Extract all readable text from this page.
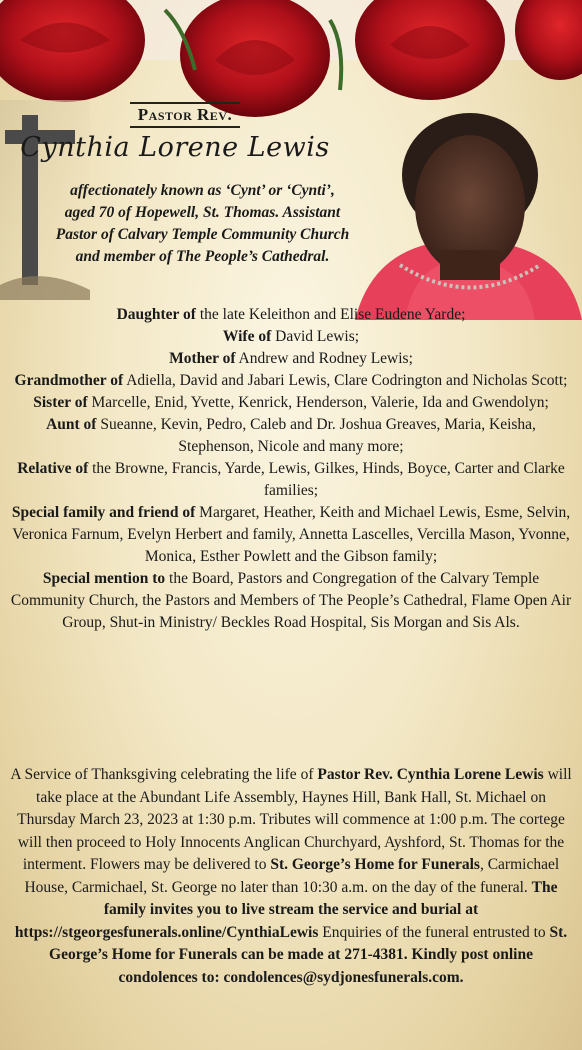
Pastor Rev.
Cynthia Lorene Lewis
affectionately known as ‘Cynt’ or ‘Cynti’, aged 70 of Hopewell, St. Thomas. Assistant Pastor of Calvary Temple Community Church and member of The People’s Cathedral.

Daughter of the late Keleithon and Elise Eudene Yarde;

Wife of David Lewis;

Mother of Andrew and Rodney Lewis;

Grandmother of Adiella, David and Jabari Lewis, Clare Codrington and Nicholas Scott;

Sister of Marcelle, Enid, Yvette, Kenrick, Henderson, Valerie, Ida and Gwendolyn;

Aunt of Sueanne, Kevin, Pedro, Caleb and Dr. Joshua Greaves, Maria, Keisha, Stephenson, Nicole and many more;

Relative of the Browne, Francis, Yarde, Lewis, Gilkes, Hinds, Boyce, Carter and Clarke families;

Special family and friend of Margaret, Heather, Keith and Michael Lewis, Esme, Selvin, Veronica Farnum, Evelyn Herbert and family, Annetta Lascelles, Vercilla Mason, Yvonne, Monica, Esther Powlett and the Gibson family;

Special mention to the Board, Pastors and Congregation of the Calvary Temple Community Church, the Pastors and Members of The People’s Cathedral, Flame Open Air Group, Shut-in Ministry/ Beckles Road Hospital, Sis Morgan and Sis Als.

A Service of Thanksgiving celebrating the life of Pastor Rev. Cynthia Lorene Lewis will take place at the Abundant Life Assembly, Haynes Hill, Bank Hall, St. Michael on Thursday March 23, 2023 at 1:30 p.m. Tributes will commence at 1:00 p.m. The cortege will then proceed to Holy Innocents Anglican Churchyard, Ayshford, St. Thomas for the interment. Flowers may be delivered to St. George’s Home for Funerals, Carmichael House, Carmichael, St. George no later than 10:30 a.m. on the day of the funeral. The family invites you to live stream the service and burial at https://stgeorgesfunerals.online/CynthiaLewis Enquiries of the funeral entrusted to St. George’s Home for Funerals can be made at 271-4381. Kindly post online condolences to: condolences@sydjonesfunerals.com.
